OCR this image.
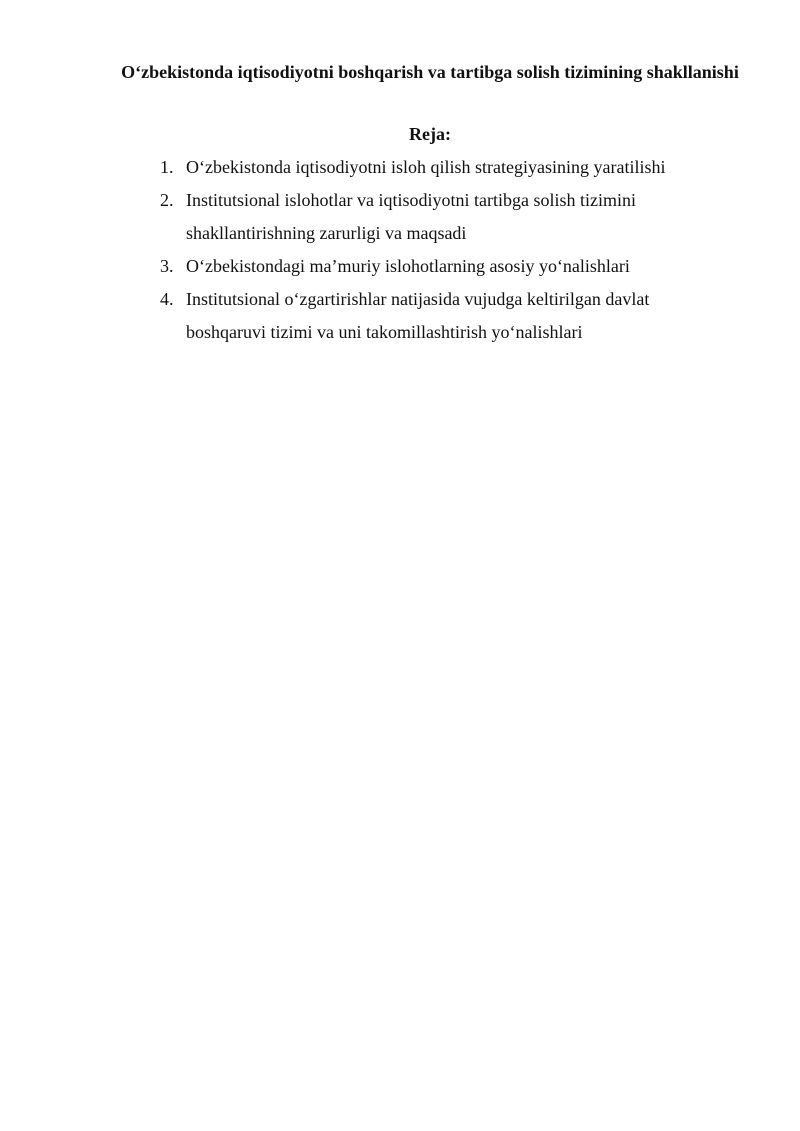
O‘zbekistonda iqtisodiyotni boshqarish va tartibga solish tizimining shakllanishi
Reja:
1. O‘zbekistonda iqtisodiyotni isloh qilish strategiyasining yaratilishi
2. Institutsional islohotlar va iqtisodiyotni tartibga solish tizimini shakllantirishning zarurligi va maqsadi
3. O‘zbekistondagi ma’muriy islohotlarning asosiy yo‘nalishlari
4. Institutsional o‘zgartirishlar natijasida vujudga keltirilgan davlat boshqaruvi tizimi va uni takomillashtirish yo‘nalishlari
